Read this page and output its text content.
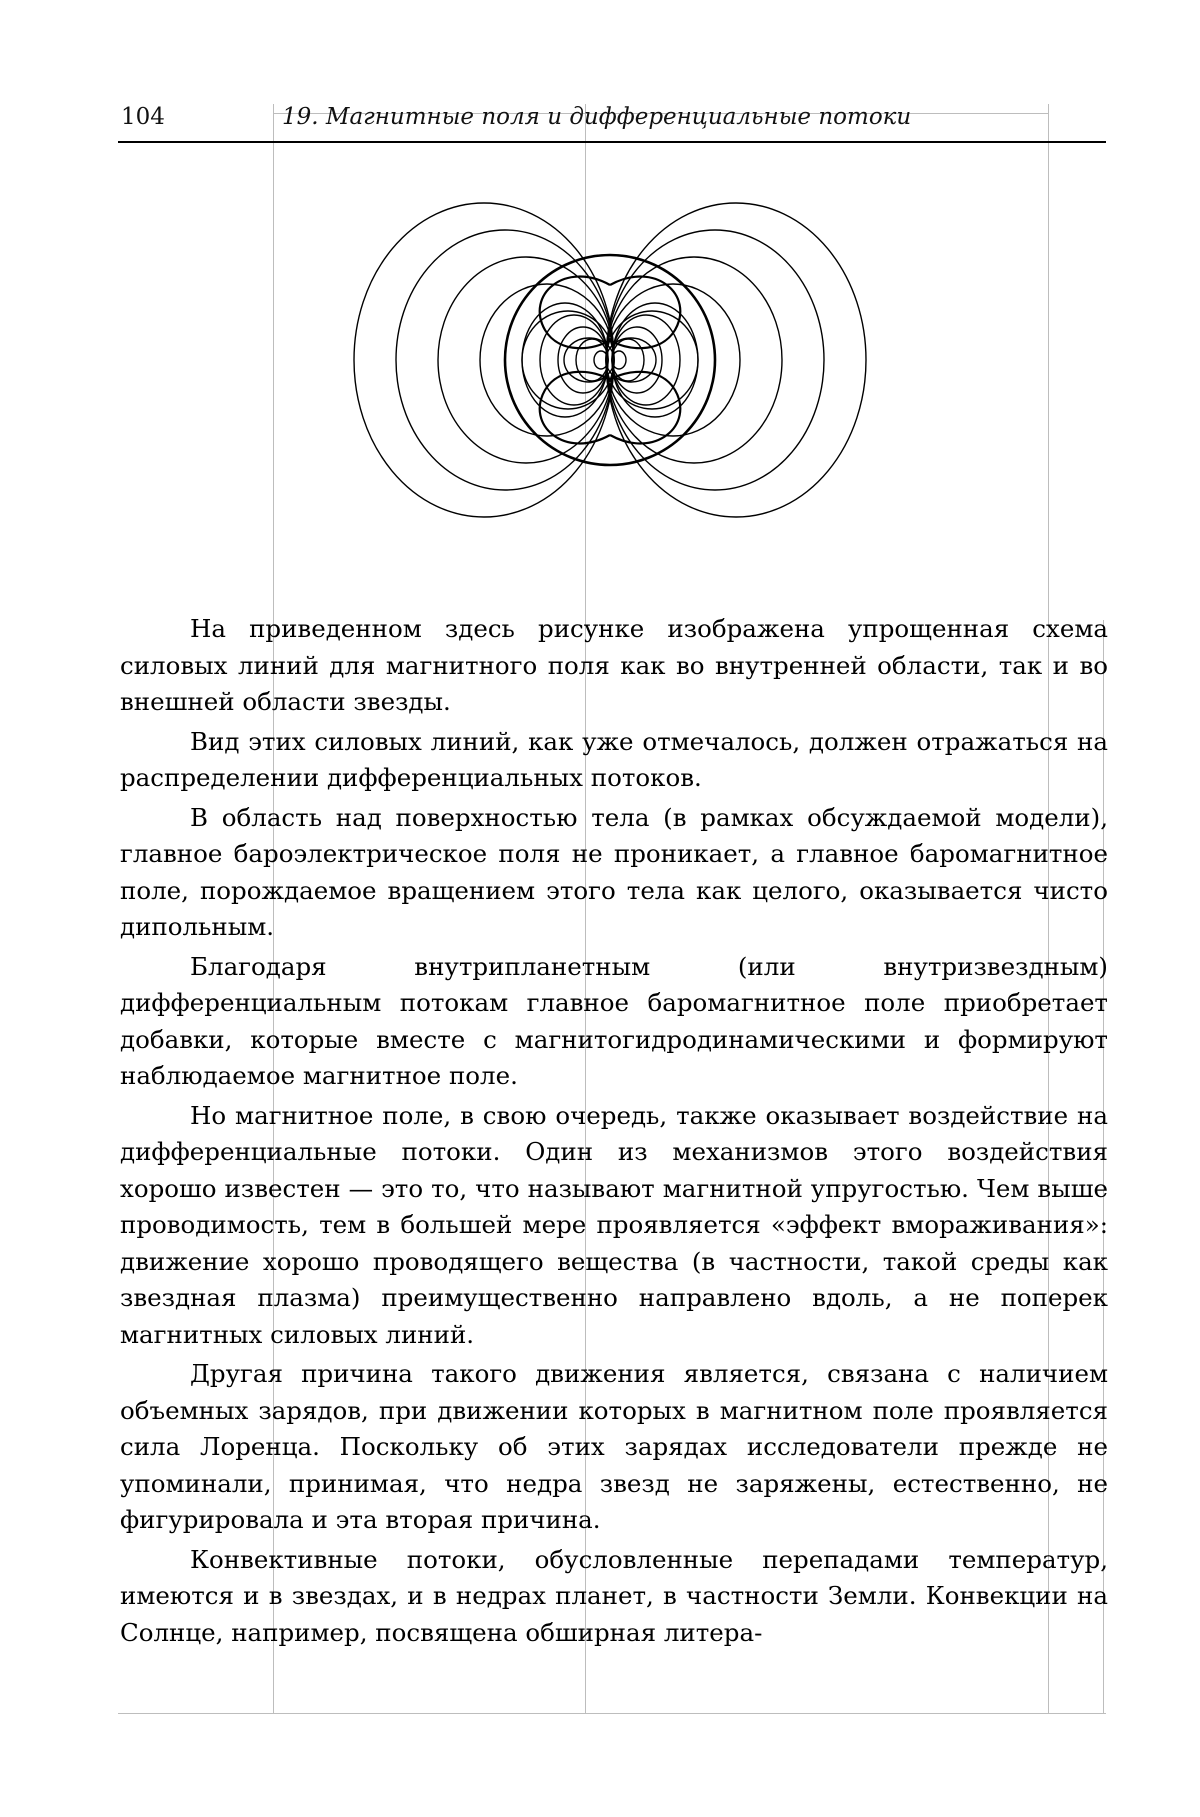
104	19. Магнитные поля и дифференциальные потоки

На приведенном здесь рисунке изображена упрощенная схема силовых линий для магнитного поля как во внутренней области, так и во внешней области звезды.

Вид этих силовых линий, как уже отмечалось, должен отражаться на распределении дифференциальных потоков.

В область над поверхностью тела (в рамках обсуждаемой модели), главное бароэлектрическое поля не проникает, а главное баромагнитное поле, порождаемое вращением этого тела как целого, оказывается чисто дипольным.

Благодаря внутрипланетным (или внутризвездным) дифференциальным потокам главное баромагнитное поле приобретает добавки, которые вместе с магнитогидродинамическими и формируют наблюдаемое магнитное поле.

Но магнитное поле, в свою очередь, также оказывает воздействие на дифференциальные потоки. Один из механизмов этого воздействия хорошо известен — это то, что называют магнитной упругостью. Чем выше проводимость, тем в большей мере проявляется «эффект вмораживания»: движение хорошо проводящего вещества (в частности, такой среды как звездная плазма) преимущественно направлено вдоль, а не поперек магнитных силовых линий.

Другая причина такого движения является, связана с наличием объемных зарядов, при движении которых в магнитном поле проявляется сила Лоренца. Поскольку об этих зарядах исследователи прежде не упоминали, принимая, что недра звезд не заряжены, естественно, не фигурировала и эта вторая причина.

Конвективные потоки, обусловленные перепадами температур, имеются и в звездах, и в недрах планет, в частности Земли. Конвекции на Солнце, например, посвящена обширная литера-
